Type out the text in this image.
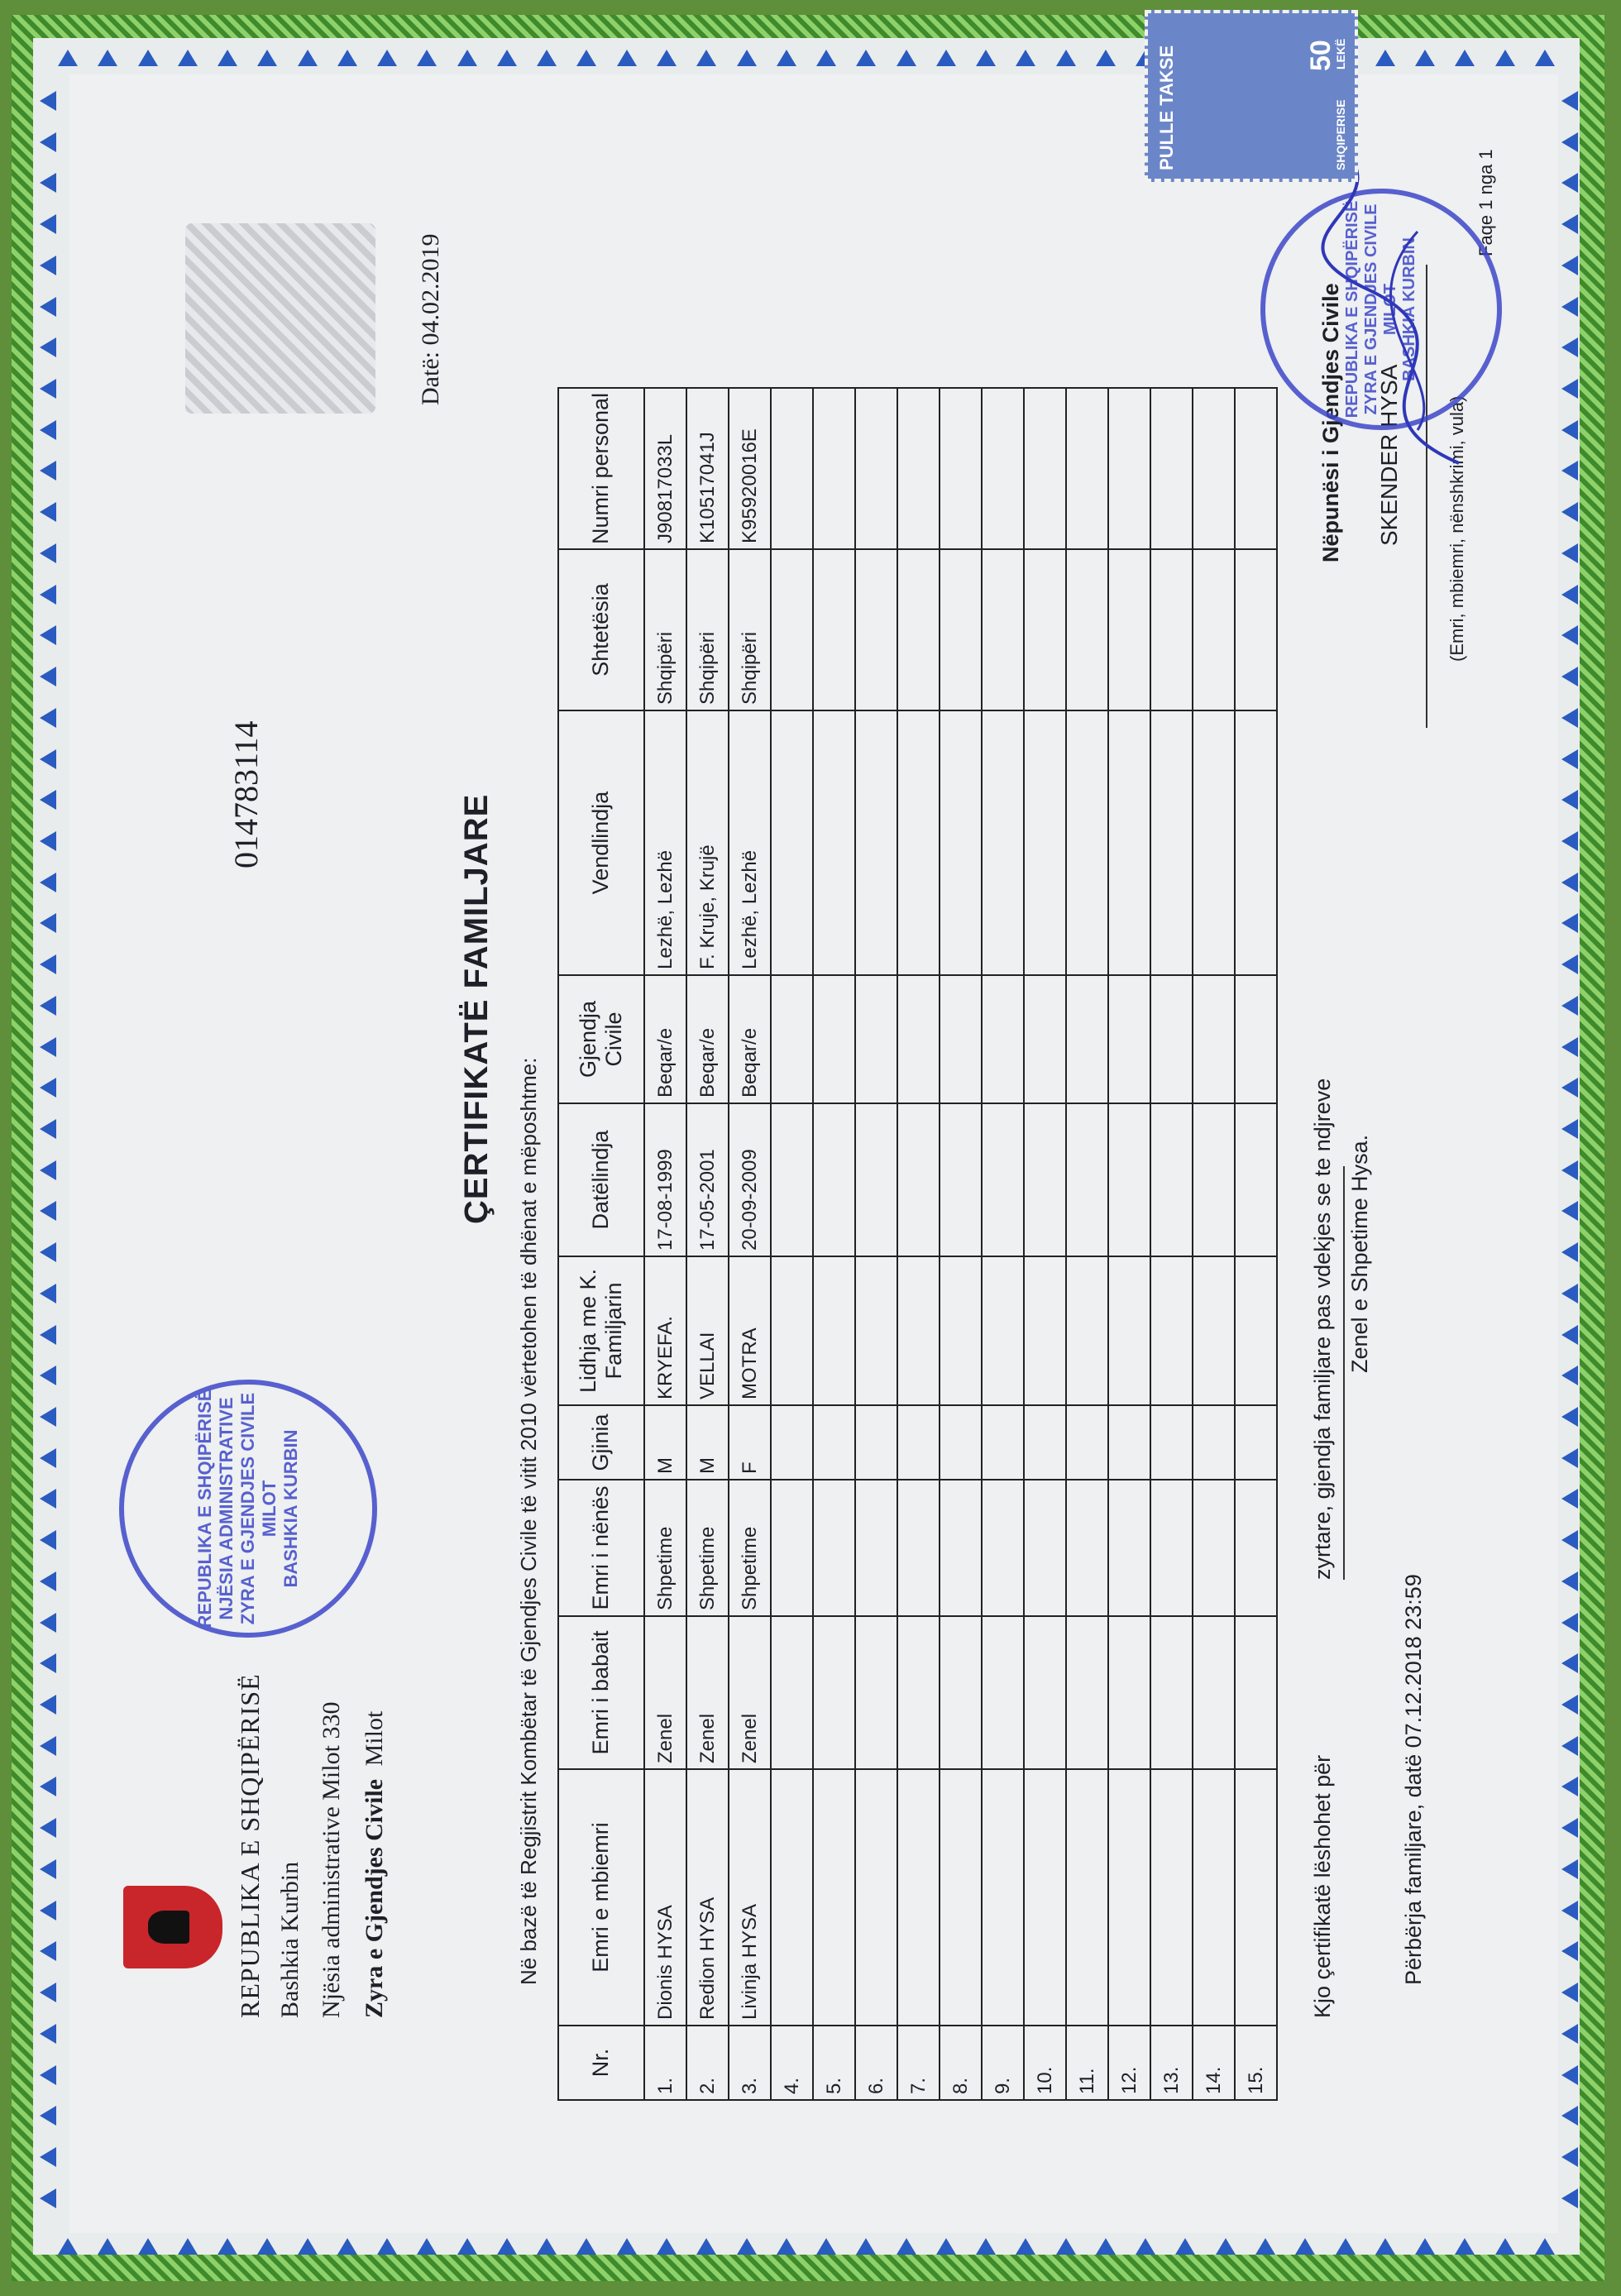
REPUBLIKA E SHQIPËRISË Bashkia Kurbin Njësia administrative Milot 330 Zyra e Gjendjes Civile Milot
014783114
Datë: 04.02.2019
ÇERTIFIKATË FAMILJARE
Në bazë të Regjistrit Kombëtar të Gjendjes Civile të vitit 2010 vërtetohen të dhënat e mëposhtme:
Nr.	Emri e mbiemri	Emri i babait	Emri i nënës	Gjinia	Lidhja me K. Familjarin	Datëlindja	Gjendja Civile	Vendlindja	Shtetësia	Numri personal
1.	Dionis HYSA	Zenel	Shpetime	M	KRYEFA.	17-08-1999	Beqar/e	Lezhë, Lezhë	Shqipëri	J90817033L
2.	Redion HYSA	Zenel	Shpetime	M	VELLAI	17-05-2001	Beqar/e	F. Kruje, Krujë	Shqipëri	K10517041J
3.	Livinja HYSA	Zenel	Shpetime	F	MOTRA	20-09-2009	Beqar/e	Lezhë, Lezhë	Shqipëri	K95920016E
4.										
5.										
6.										
7.										
8.										
9.										
10.										
11.										
12.										
13.										
14.										
15.										
Kjo çertifikatë lëshohet për
zyrtare, gjendja familjare pas vdekjes se te ndjreve Zenel e Shpetime Hysa.
Përbërja familjare, datë 07.12.2018 23:59
Nëpunësi i Gjendjes Civile SKENDER HYSA (Emri, mbiemri, nënshkrimi, vula)
Faqe 1 nga 1
REPUBLIKA E SHQIPËRISË NJËSIA ADMINISTRATIVE ZYRA E GJENDJES CIVILE MILOT BASHKIA KURBIN
REPUBLIKA E SHQIPËRISË ZYRA E GJENDJES CIVILE MILOT BASHKIA KURBIN
PULLE TAKSE	50
LEKË
SHQIPERISE
